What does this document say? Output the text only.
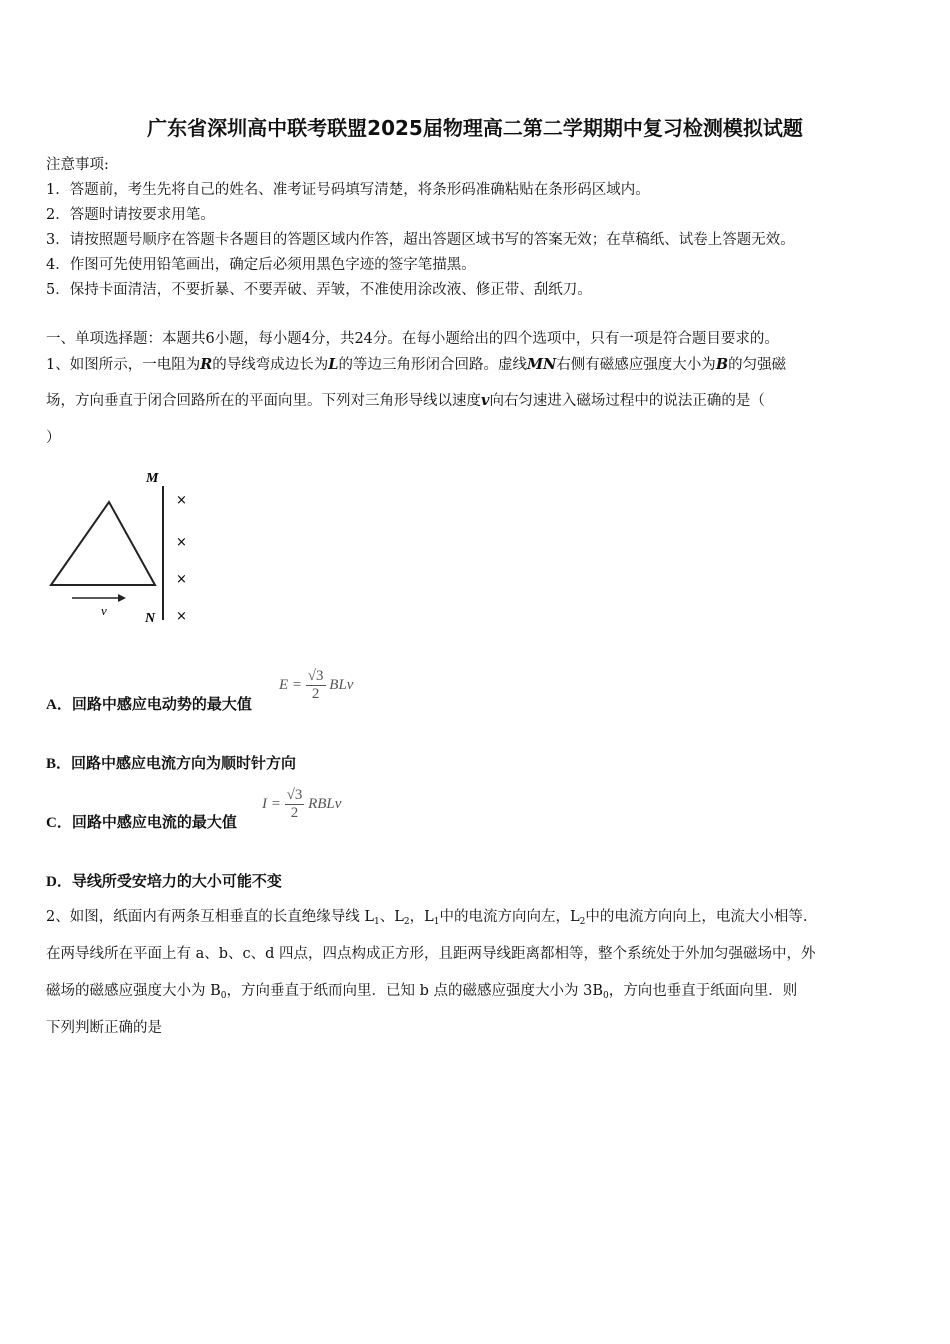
广东省深圳高中联考联盟2025届物理高二第二学期期中复习检测模拟试题
注意事项:
1．答题前，考生先将自己的姓名、准考证号码填写清楚，将条形码准确粘贴在条形码区域内。
2．答题时请按要求用笔。
3．请按照题号顺序在答题卡各题目的答题区域内作答，超出答题区域书写的答案无效；在草稿纸、试卷上答题无效。
4．作图可先使用铅笔画出，确定后必须用黑色字迹的签字笔描黑。
5．保持卡面清洁，不要折暴、不要弄破、弄皱，不准使用涂改液、修正带、刮纸刀。
一、单项选择题：本题共6小题，每小题4分，共24分。在每小题给出的四个选项中，只有一项是符合题目要求的。
1、如图所示，一电阻为R的导线弯成边长为L的等边三角形闭合回路。虚线MN右侧有磁感应强度大小为B的匀强磁
场，方向垂直于闭合回路所在的平面向里。下列对三角形导线以速度v向右匀速进入磁场过程中的说法正确的是（
）
M
N
×
×
×
×
v
A．回路中感应电动势的最大值
$E = \frac{√3}{2}$ BLv
B．回路中感应电流方向为顺时针方向
C．回路中感应电流的最大值
$I = \frac{√3}{2}$ RBLv
D．导线所受安培力的大小可能不变
2、如图，纸面内有两条互相垂直的长直绝缘导线 $L_1$、$L_2$，$L_1$中的电流方向向左，$L_2$中的电流方向向上，电流大小相等.
在两导线所在平面上有 a、b、c、d 四点，四点构成正方形，且距两导线距离都相等，整个系统处于外加匀强磁场中，外
磁场的磁感应强度大小为 $B_0$，方向垂直于纸而向里．已知 b 点的磁感应强度大小为 $3B_0$，方向也垂直于纸面向里．则
下列判断正确的是
